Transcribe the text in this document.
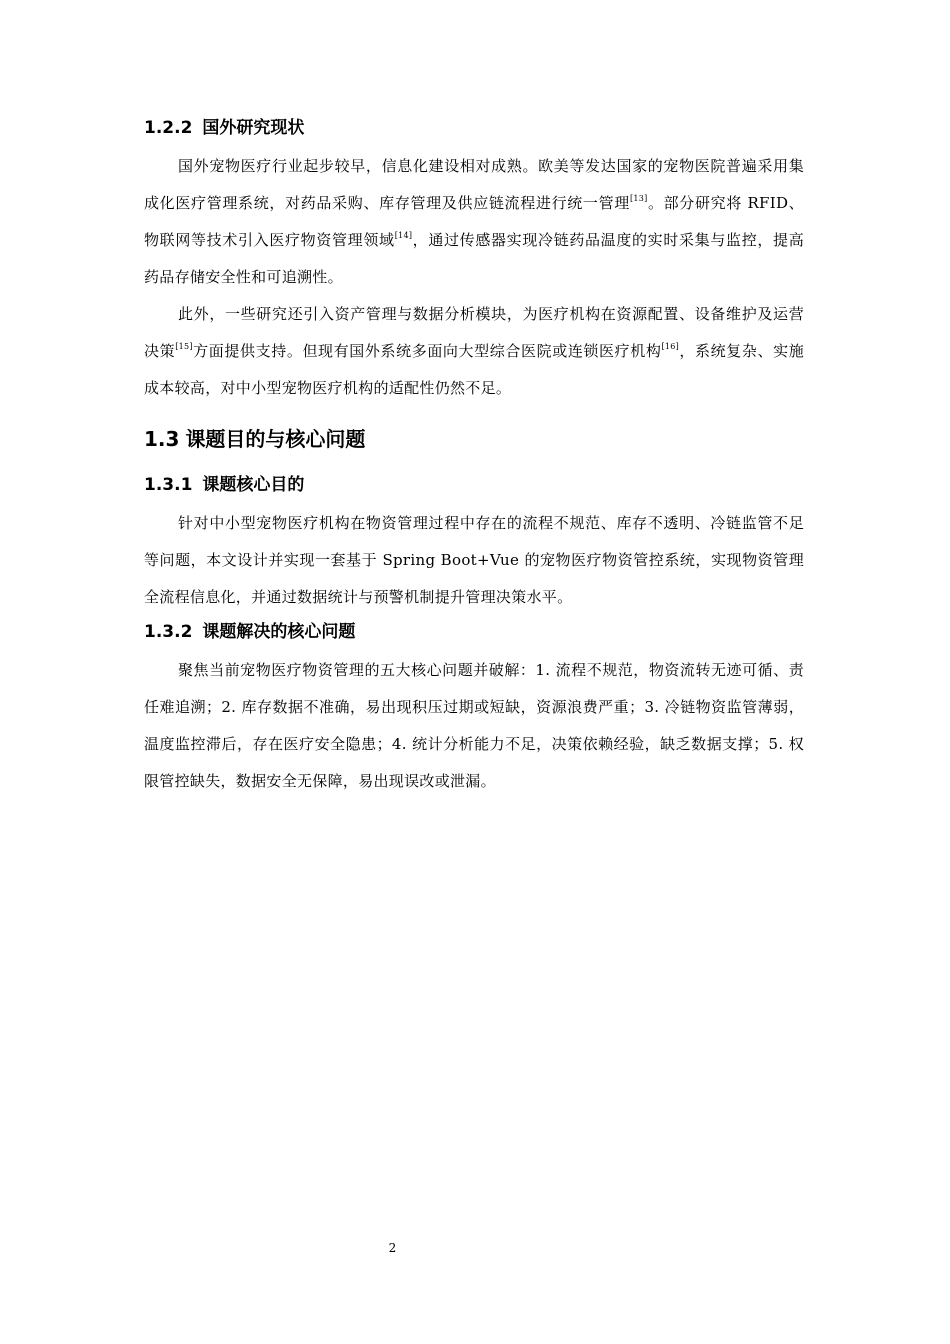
1.2.2 国外研究现状

国外宠物医疗行业起步较早，信息化建设相对成熟。欧美等发达国家的宠物医院普遍采用集成化医疗管理系统，对药品采购、库存管理及供应链流程进行统一管理[13]。部分研究将 RFID、物联网等技术引入医疗物资管理领域[14]，通过传感器实现冷链药品温度的实时采集与监控，提高药品存储安全性和可追溯性。

此外，一些研究还引入资产管理与数据分析模块，为医疗机构在资源配置、设备维护及运营决策[15]方面提供支持。但现有国外系统多面向大型综合医院或连锁医疗机构[16]，系统复杂、实施成本较高，对中小型宠物医疗机构的适配性仍然不足。

1.3 课题目的与核心问题
1.3.1 课题核心目的

针对中小型宠物医疗机构在物资管理过程中存在的流程不规范、库存不透明、冷链监管不足等问题，本文设计并实现一套基于 Spring Boot+Vue 的宠物医疗物资管控系统，实现物资管理全流程信息化，并通过数据统计与预警机制提升管理决策水平。

1.3.2 课题解决的核心问题

聚焦当前宠物医疗物资管理的五大核心问题并破解：1. 流程不规范，物资流转无迹可循、责任难追溯；2. 库存数据不准确，易出现积压过期或短缺，资源浪费严重；3. 冷链物资监管薄弱，温度监控滞后，存在医疗安全隐患；4. 统计分析能力不足，决策依赖经验，缺乏数据支撑；5. 权限管控缺失，数据安全无保障，易出现误改或泄漏。

2
